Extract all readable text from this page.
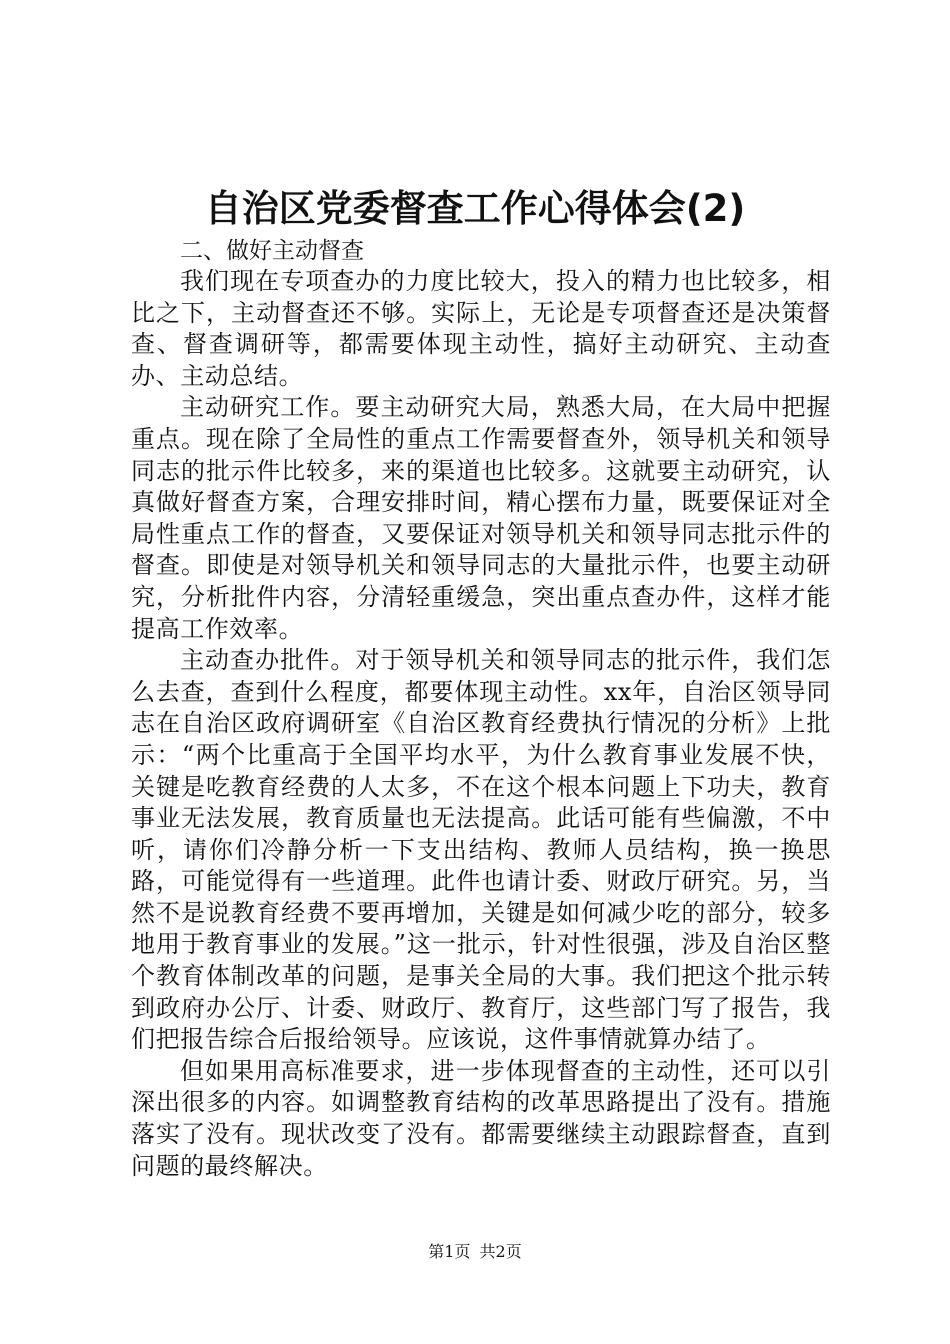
自治区党委督查工作心得体会(2)

二、做好主动督查

我们现在专项查办的力度比较大，投入的精力也比较多，相比之下，主动督查还不够。实际上，无论是专项督查还是决策督查、督查调研等，都需要体现主动性，搞好主动研究、主动查办、主动总结。

主动研究工作。要主动研究大局，熟悉大局，在大局中把握重点。现在除了全局性的重点工作需要督查外，领导机关和领导同志的批示件比较多，来的渠道也比较多。这就要主动研究，认真做好督查方案，合理安排时间，精心摆布力量，既要保证对全局性重点工作的督查，又要保证对领导机关和领导同志批示件的督查。即使是对领导机关和领导同志的大量批示件，也要主动研究，分析批件内容，分清轻重缓急，突出重点查办件，这样才能提高工作效率。

主动查办批件。对于领导机关和领导同志的批示件，我们怎么去查，查到什么程度，都要体现主动性。xx年，自治区领导同志在自治区政府调研室《自治区教育经费执行情况的分析》上批示：“两个比重高于全国平均水平，为什么教育事业发展不快，关键是吃教育经费的人太多，不在这个根本问题上下功夫，教育事业无法发展，教育质量也无法提高。此话可能有些偏激，不中听，请你们冷静分析一下支出结构、教师人员结构，换一换思路，可能觉得有一些道理。此件也请计委、财政厅研究。另，当然不是说教育经费不要再增加，关键是如何减少吃的部分，较多地用于教育事业的发展。”这一批示，针对性很强，涉及自治区整个教育体制改革的问题，是事关全局的大事。我们把这个批示转到政府办公厅、计委、财政厅、教育厅，这些部门写了报告，我们把报告综合后报给领导。应该说，这件事情就算办结了。

但如果用高标准要求，进一步体现督查的主动性，还可以引深出很多的内容。如调整教育结构的改革思路提出了没有。措施落实了没有。现状改变了没有。都需要继续主动跟踪督查，直到问题的最终解决。

第1页 共2页
